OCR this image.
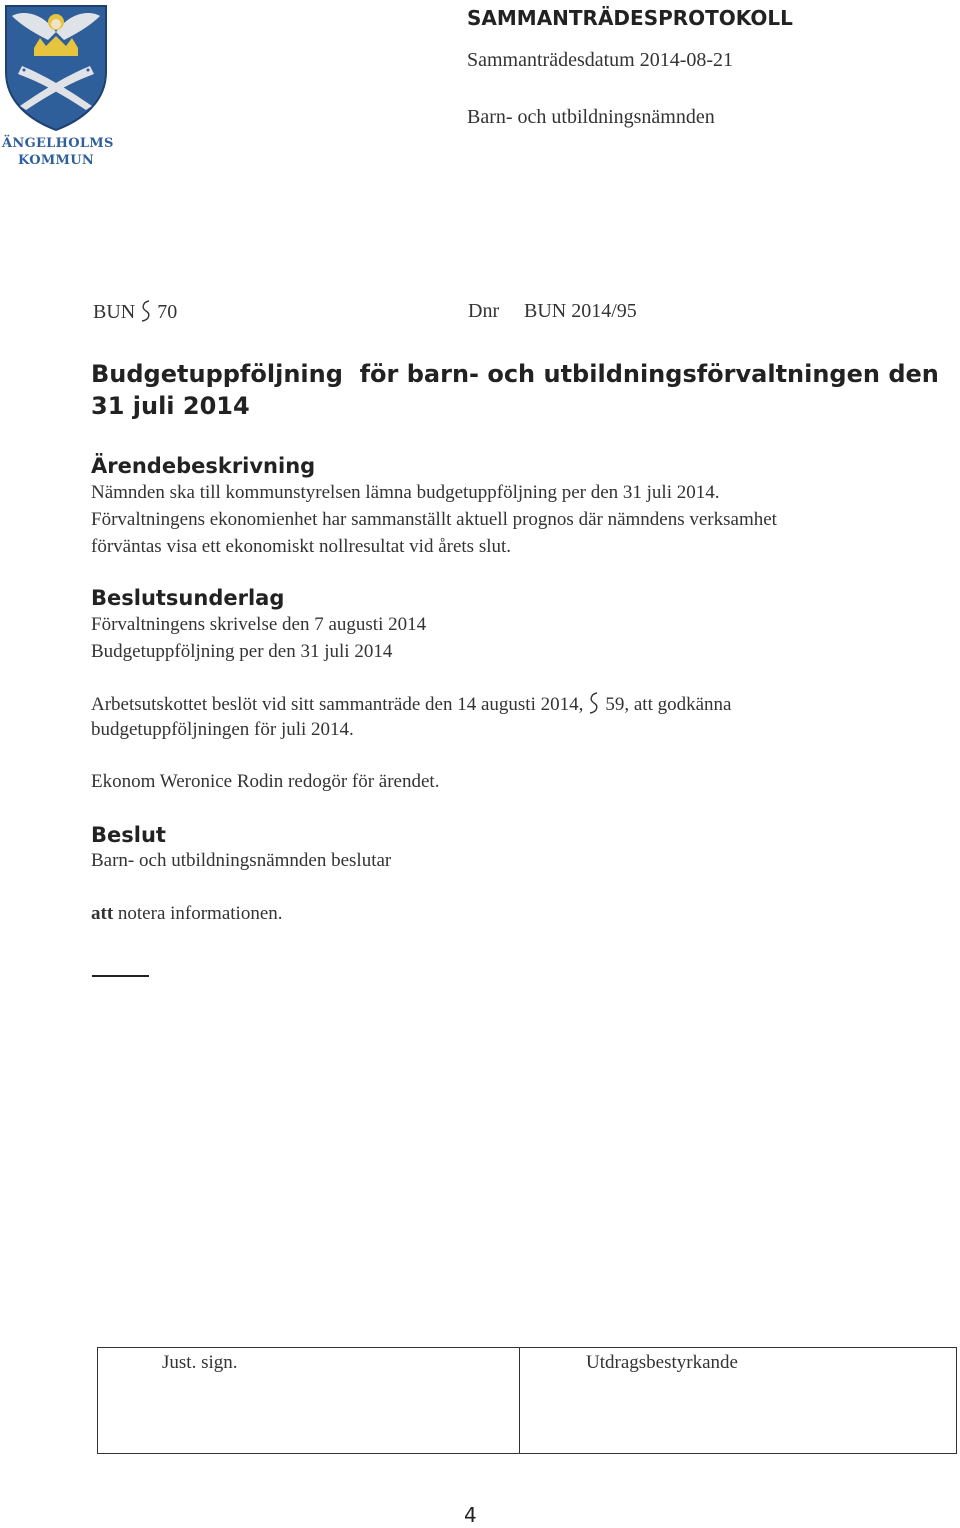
ÄNGELHOLMS
KOMMUN
SAMMANTRÄDESPROTOKOLL
Sammanträdesdatum 2014-08-21
Barn- och utbildningsnämnden
BUN 70	Dnr BUN 2014/95
Budgetuppföljning  för barn- och utbildningsförvaltningen den 31 juli 2014
Ärendebeskrivning
Nämnden ska till kommunstyrelsen lämna budgetuppföljning per den 31 juli 2014.
Förvaltningens ekonomienhet har sammanställt aktuell prognos där nämndens verksamhet
förväntas visa ett ekonomiskt nollresultat vid årets slut.
Beslutsunderlag
Förvaltningens skrivelse den 7 augusti 2014
Budgetuppföljning per den 31 juli 2014
Arbetsutskottet beslöt vid sitt sammanträde den 14 augusti 2014, 59, att godkänna
budgetuppföljningen för juli 2014.
Ekonom Weronice Rodin redogör för ärendet.
Beslut
Barn- och utbildningsnämnden beslutar
att notera informationen.
Just. sign.	Utdragsbestyrkande
4
